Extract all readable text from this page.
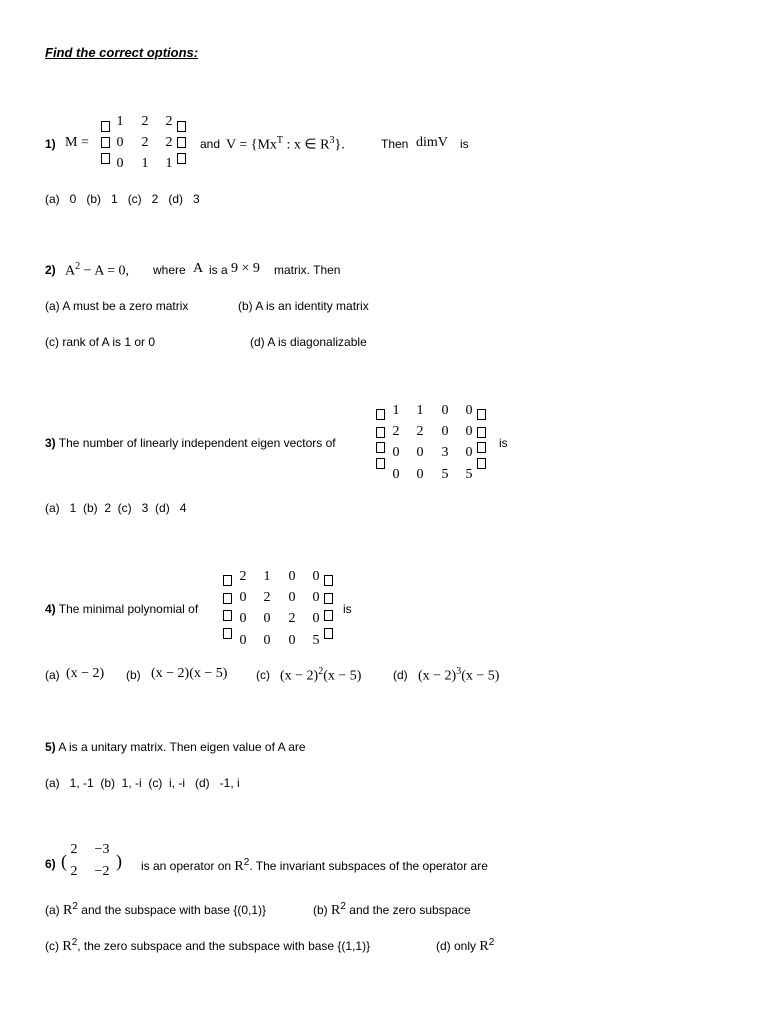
Find the correct options:
1) M =
1 2 2
0 2 2
0 1 1
and $V = \{Mx^T$ : x ∈ $R^3$}.	Then dimV is
(a)   0   (b)   1   (c)   2   (d)   3
2) $A^2 - A = 0$, where A is a 9 × 9 matrix. Then
(a) A must be a zero matrix	(b) A is an identity matrix
(c) rank of A is 1 or 0	(d) A is diagonalizable
3) The number of linearly independent eigen vectors of
1 1 0 0
2 2 0 0
0 0 3 0
0 0 5 5
is
(a)   1  (b)  2  (c)   3  (d)   4
4) The minimal polynomial of
2 1 0 0
0 2 0 0
0 0 2 0
0 0 0 5
is
(a) (x − 2) (b) (x − 2)(x − 5) (c) $(x - 2)^2(x - 5)$	(d) $(x - 2)^3(x - 5)$
5) A is a unitary matrix. Then eigen value of A are
(a)   1, -1  (b)  1, -i  (c)  i, -i   (d)   -1, i
6) (
2	−3
2	−2
) is an operator on $R^2$. The invariant subspaces of the operator are
(a) $R^2$ and the subspace with base {(0,1)}	(b) $R^2$ and the zero subspace
(c) $R^2$, the zero subspace and the subspace with base {(1,1)}	(d) only $R^2$
